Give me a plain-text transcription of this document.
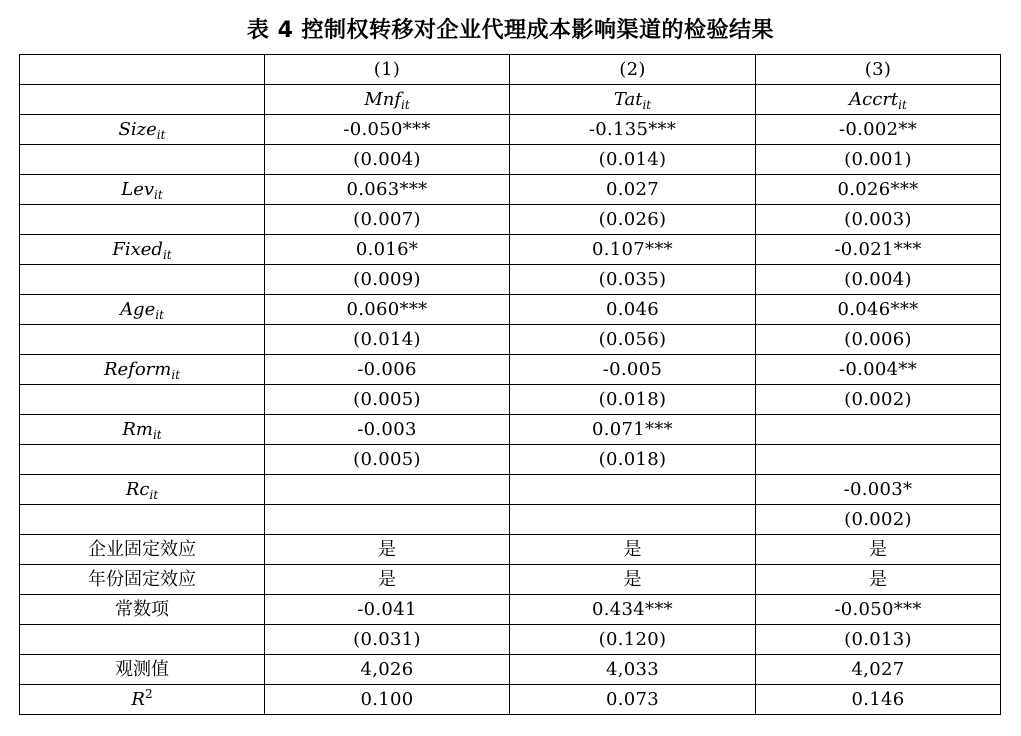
表 4 控制权转移对企业代理成本影响渠道的检验结果
	(1)	(2)	(3)
	Mnf$_{it}$	Tat$_{it}$	Accrt$_{it}$
Size$_{it}$	-0.050***	-0.135***	-0.002**
	(0.004)	(0.014)	(0.001)
Lev$_{it}$	0.063***	0.027	0.026***
	(0.007)	(0.026)	(0.003)
Fixed$_{it}$	0.016*	0.107***	-0.021***
	(0.009)	(0.035)	(0.004)
Age$_{it}$	0.060***	0.046	0.046***
	(0.014)	(0.056)	(0.006)
Reform$_{it}$	-0.006	-0.005	-0.004**
	(0.005)	(0.018)	(0.002)
$Rm_{it}$	-0.003	0.071***	
	(0.005)	(0.018)	
$Rc_{it}$			-0.003*
			(0.002)
企业固定效应	是	是	是
年份固定效应	是	是	是
常数项	-0.041	0.434***	-0.050***
	(0.031)	(0.120)	(0.013)
观测值	4,026	4,033	4,027
$R^2$	0.100	0.073	0.146
